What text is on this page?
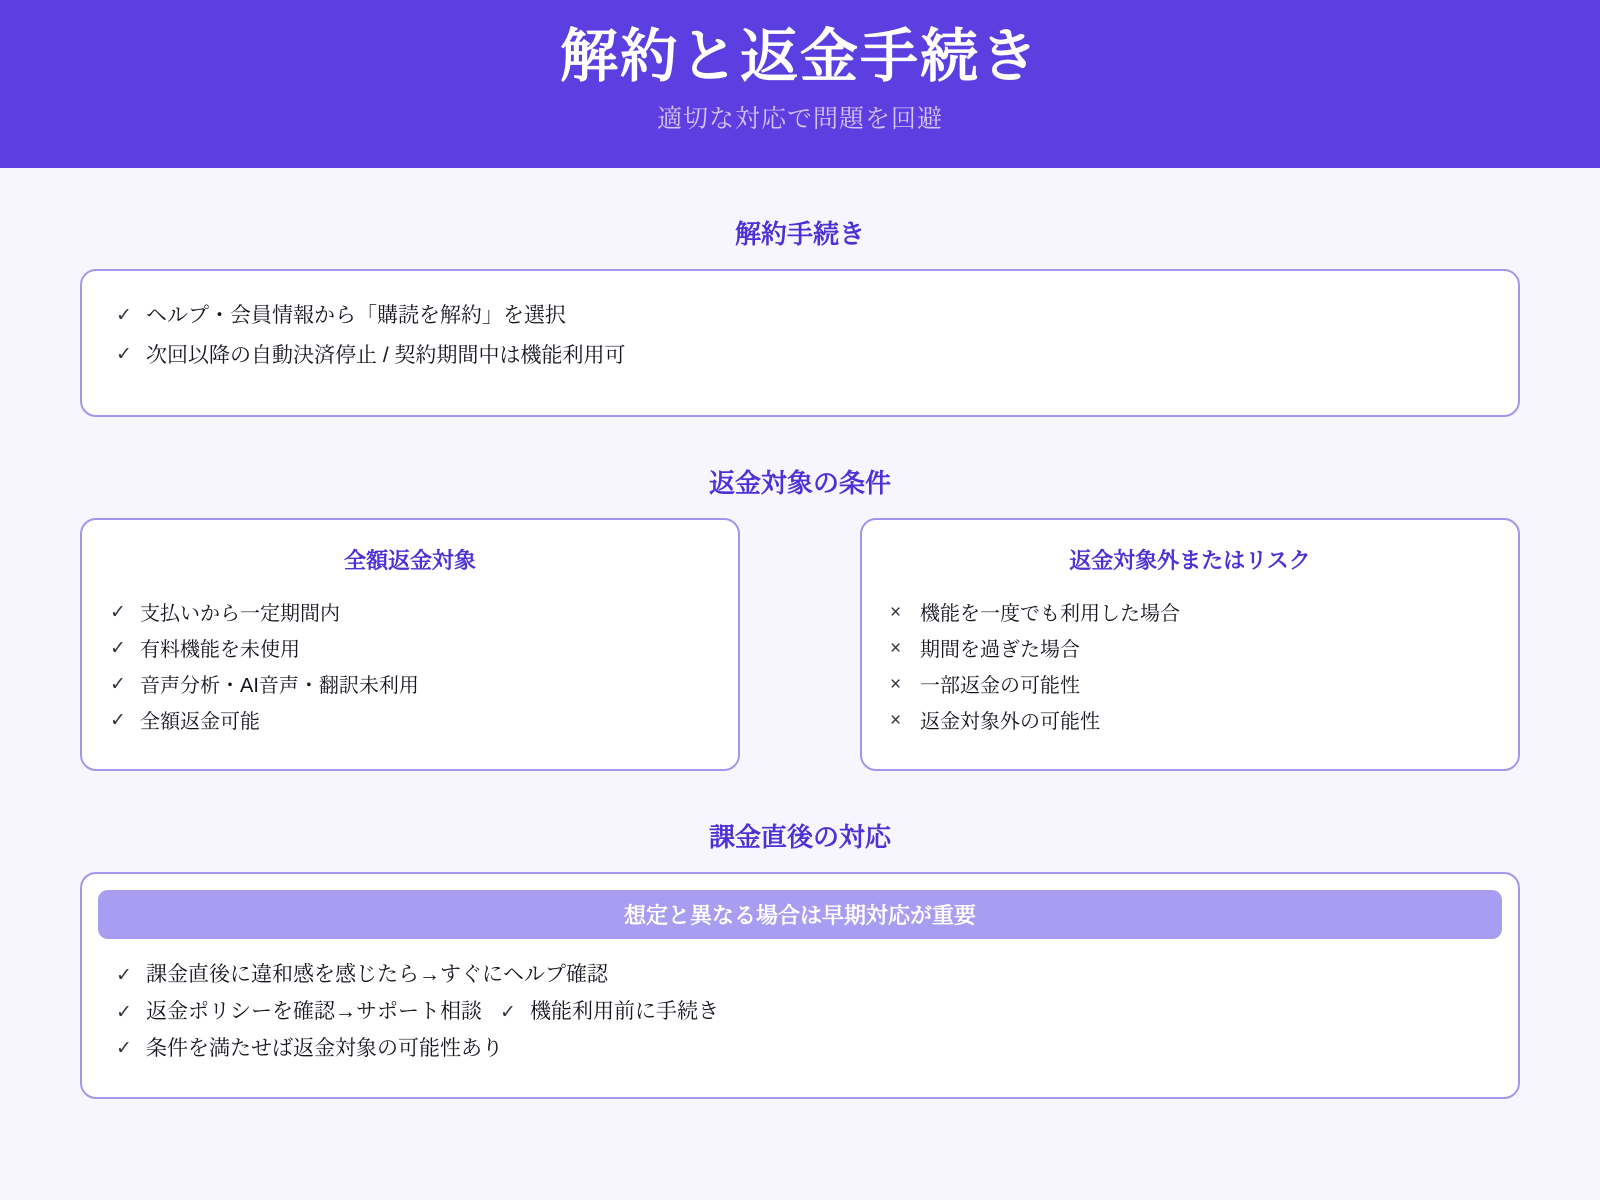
解約と返金手続き
適切な対応で問題を回避
解約手続き
✓ ヘルプ・会員情報から「購読を解約」を選択
✓ 次回以降の自動決済停止 / 契約期間中は機能利用可
返金対象の条件
全額返金対象
✓ 支払いから一定期間内
✓ 有料機能を未使用
✓ 音声分析・AI音声・翻訳未利用
✓ 全額返金可能
返金対象外またはリスク
× 機能を一度でも利用した場合
× 期間を過ぎた場合
× 一部返金の可能性
× 返金対象外の可能性
課金直後の対応
想定と異なる場合は早期対応が重要
✓ 課金直後に違和感を感じたら→すぐにヘルプ確認
✓ 返金ポリシーを確認→サポート相談 ✓ 機能利用前に手続き
✓ 条件を満たせば返金対象の可能性あり
